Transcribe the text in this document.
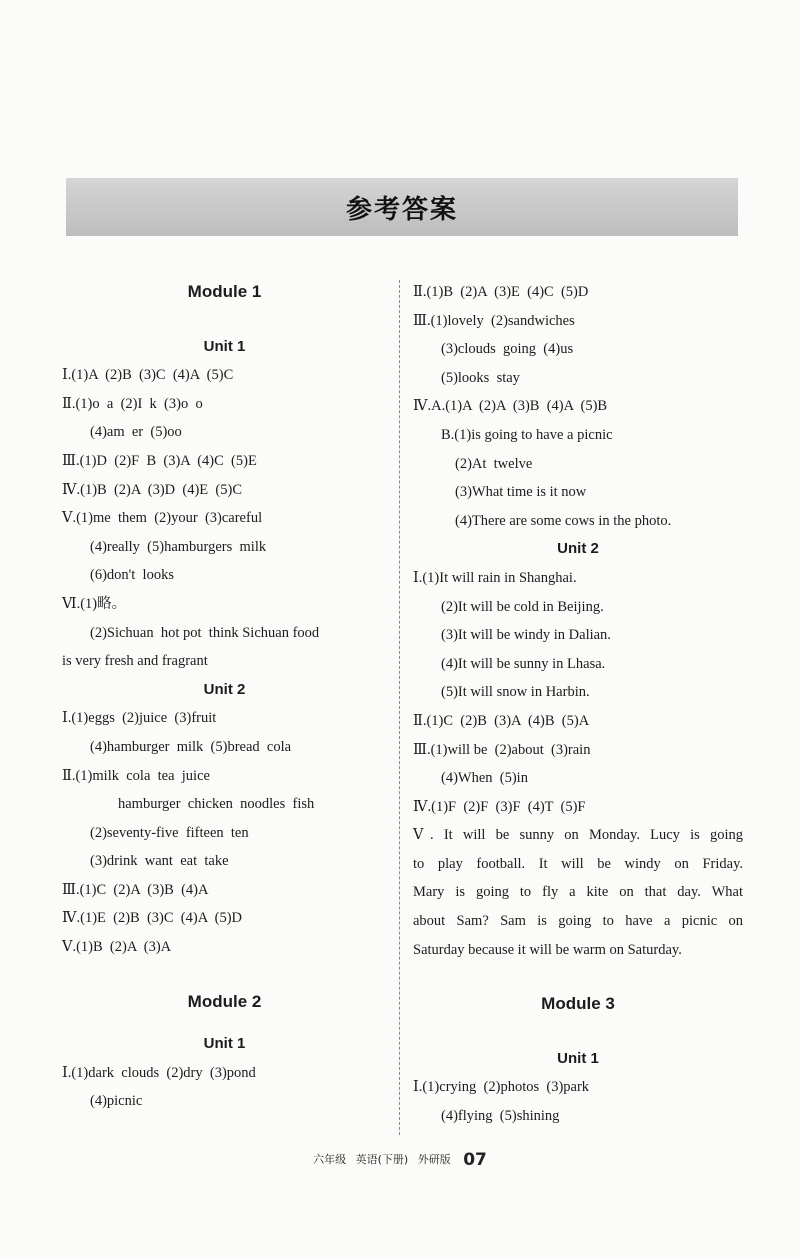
参考答案
Module 1
Unit 1
Ⅰ.(1)A  (2)B  (3)C  (4)A  (5)C
Ⅱ.(1)o  a  (2)I  k  (3)o  o
(4)am  er  (5)oo
Ⅲ.(1)D  (2)F  B  (3)A  (4)C  (5)E
Ⅳ.(1)B  (2)A  (3)D  (4)E  (5)C
Ⅴ.(1)me  them  (2)your  (3)careful
(4)really  (5)hamburgers  milk
(6)don't  looks
Ⅵ.(1)略。
(2)Sichuan  hot pot  think Sichuan food
is very fresh and fragrant
Unit 2
Ⅰ.(1)eggs  (2)juice  (3)fruit
(4)hamburger  milk  (5)bread  cola
Ⅱ.(1)milk  cola  tea  juice
hamburger  chicken  noodles  fish
(2)seventy-five  fifteen  ten
(3)drink  want  eat  take
Ⅲ.(1)C  (2)A  (3)B  (4)A
Ⅳ.(1)E  (2)B  (3)C  (4)A  (5)D
Ⅴ.(1)B  (2)A  (3)A
Module 2
Unit 1
Ⅰ.(1)dark  clouds  (2)dry  (3)pond
(4)picnic
Ⅱ.(1)B  (2)A  (3)E  (4)C  (5)D
Ⅲ.(1)lovely  (2)sandwiches
(3)clouds  going  (4)us
(5)looks  stay
Ⅳ.A.(1)A  (2)A  (3)B  (4)A  (5)B
B.(1)is going to have a picnic
(2)At  twelve
(3)What time is it now
(4)There are some cows in the photo.
Unit 2
Ⅰ.(1)It will rain in Shanghai.
(2)It will be cold in Beijing.
(3)It will be windy in Dalian.
(4)It will be sunny in Lhasa.
(5)It will snow in Harbin.
Ⅱ.(1)C  (2)B  (3)A  (4)B  (5)A
Ⅲ.(1)will be  (2)about  (3)rain
(4)When  (5)in
Ⅳ.(1)F  (2)F  (3)F  (4)T  (5)F
Ⅴ. It will be sunny on Monday. Lucy is going
to play football. It will be windy on Friday.
Mary is going to fly a kite on that day. What
about Sam? Sam is going to have a picnic on
Saturday because it will be warm on Saturday.
Module 3
Unit 1
Ⅰ.(1)crying  (2)photos  (3)park
(4)flying  (5)shining
六年级 英语(下册) 外研版 07
